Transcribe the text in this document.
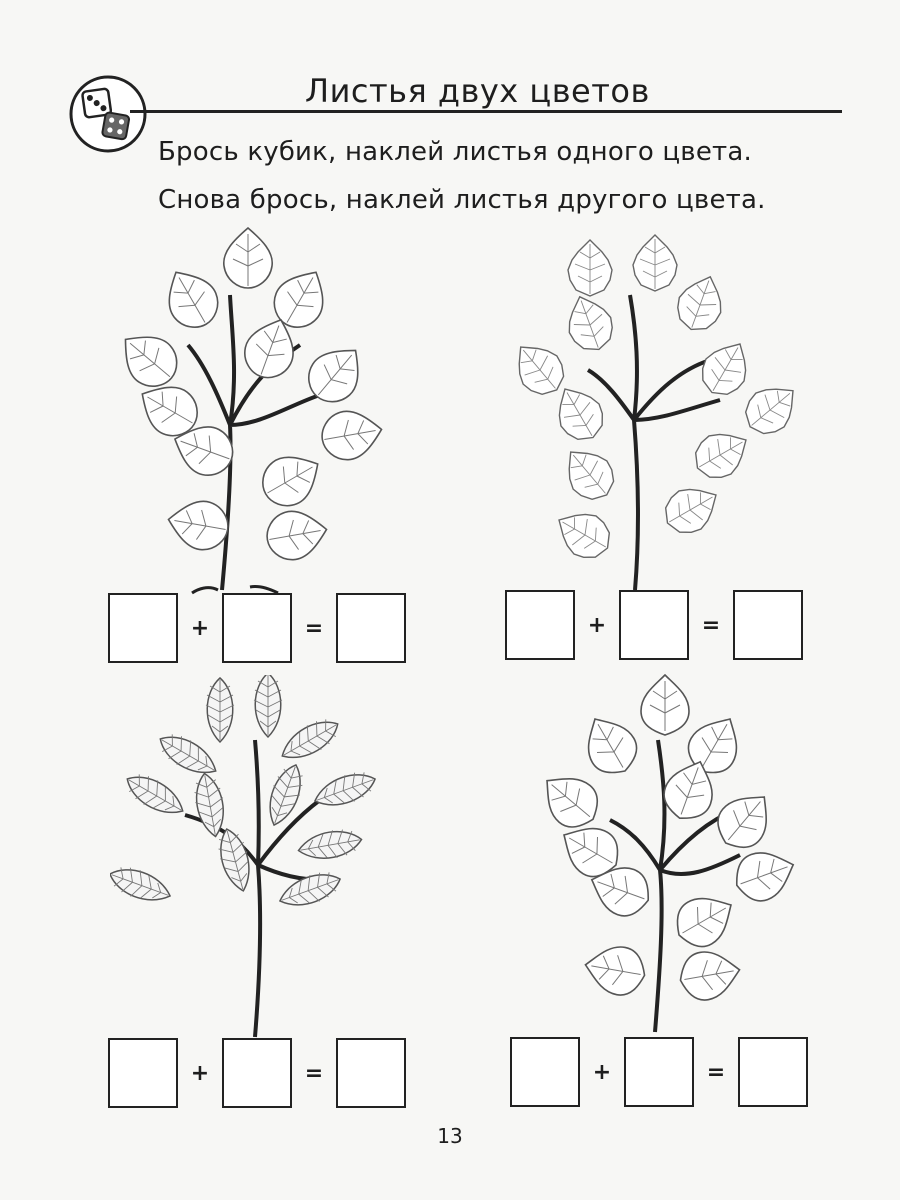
Листья двух цветов
Брось кубик, наклей листья одного цвета.
Снова брось, наклей листья другого цвета.
+	=	+	=
+	=	+	=
13
